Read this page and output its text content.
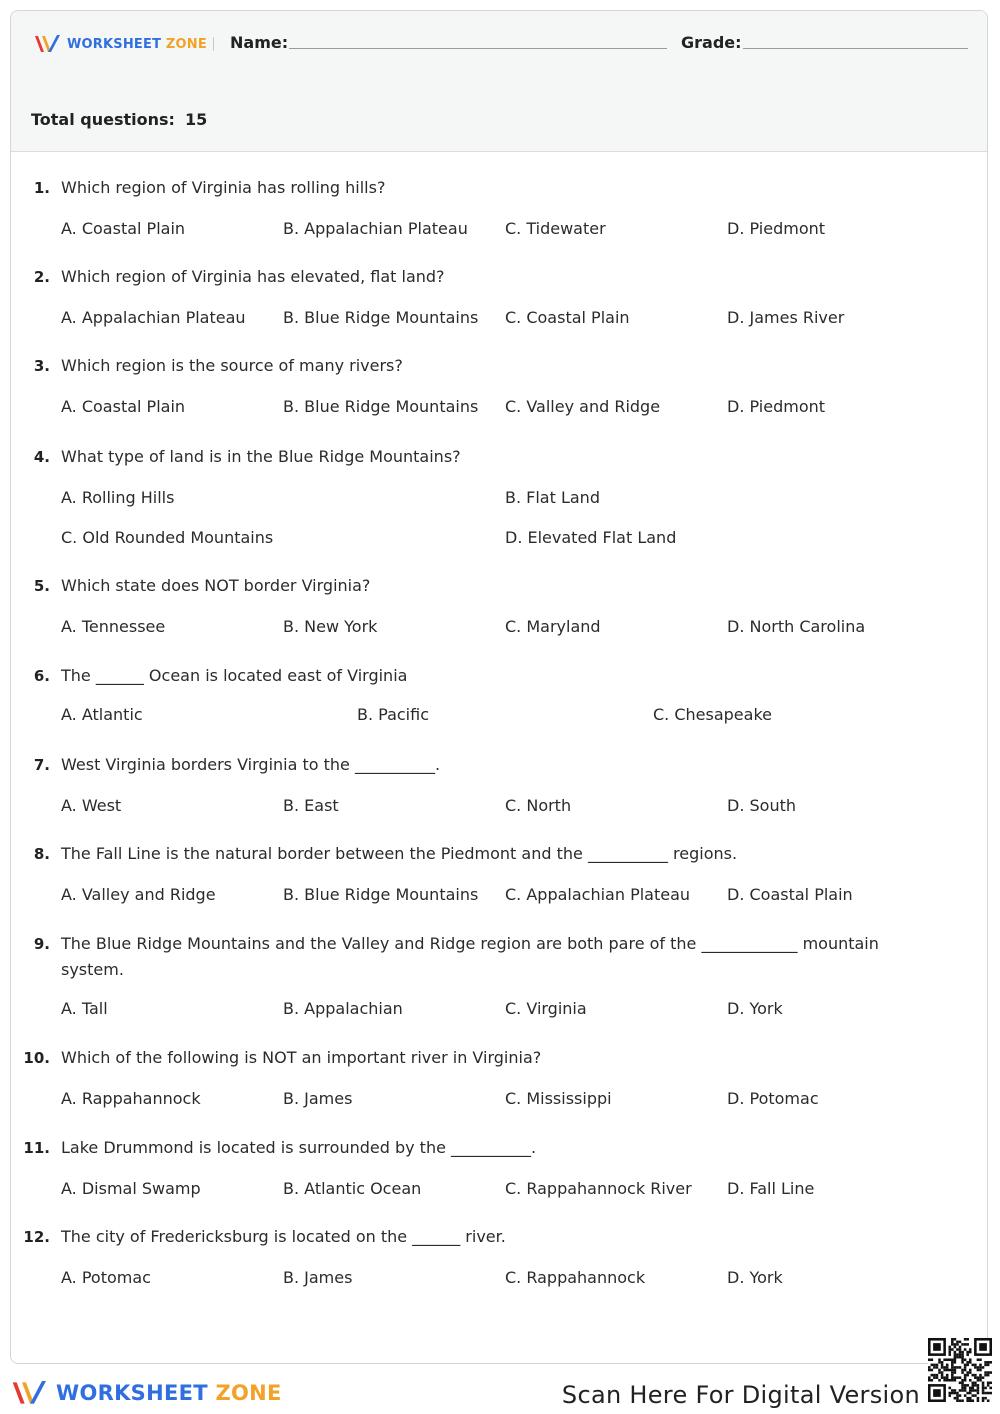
WORKSHEET ZONE Name:	Grade:
Total questions: 15
1. Which region of Virginia has rolling hills?
A. Coastal Plain	B. Appalachian Plateau C. Tidewater	D. Piedmont
2. Which region of Virginia has elevated, flat land?
A. Appalachian Plateau B. Blue Ridge Mountains C. Coastal Plain	D. James River
3. Which region is the source of many rivers?
A. Coastal Plain	B. Blue Ridge Mountains C. Valley and Ridge	D. Piedmont
4. What type of land is in the Blue Ridge Mountains?
A. Rolling Hills	B. Flat Land
C. Old Rounded Mountains	D. Elevated Flat Land
5. Which state does NOT border Virginia?
A. Tennessee	B. New York	C. Maryland	D. North Carolina
6. The ______ Ocean is located east of Virginia
A. Atlantic	B. Pacific	C. Chesapeake
7. West Virginia borders Virginia to the __________.
A. West	B. East	C. North	D. South
8. The Fall Line is the natural border between the Piedmont and the __________ regions.
A. Valley and Ridge	B. Blue Ridge Mountains C. Appalachian Plateau D. Coastal Plain
9. The Blue Ridge Mountains and the Valley and Ridge region are both pare of the ____________ mountain system.
A. Tall	B. Appalachian	C. Virginia	D. York
10. Which of the following is NOT an important river in Virginia?
A. Rappahannock	B. James	C. Mississippi	D. Potomac
11. Lake Drummond is located is surrounded by the __________.
A. Dismal Swamp	B. Atlantic Ocean	C. Rappahannock River D. Fall Line
12. The city of Fredericksburg is located on the ______ river.
A. Potomac	B. James	C. Rappahannock	D. York
WORKSHEET ZONE	Scan Here For Digital Version
